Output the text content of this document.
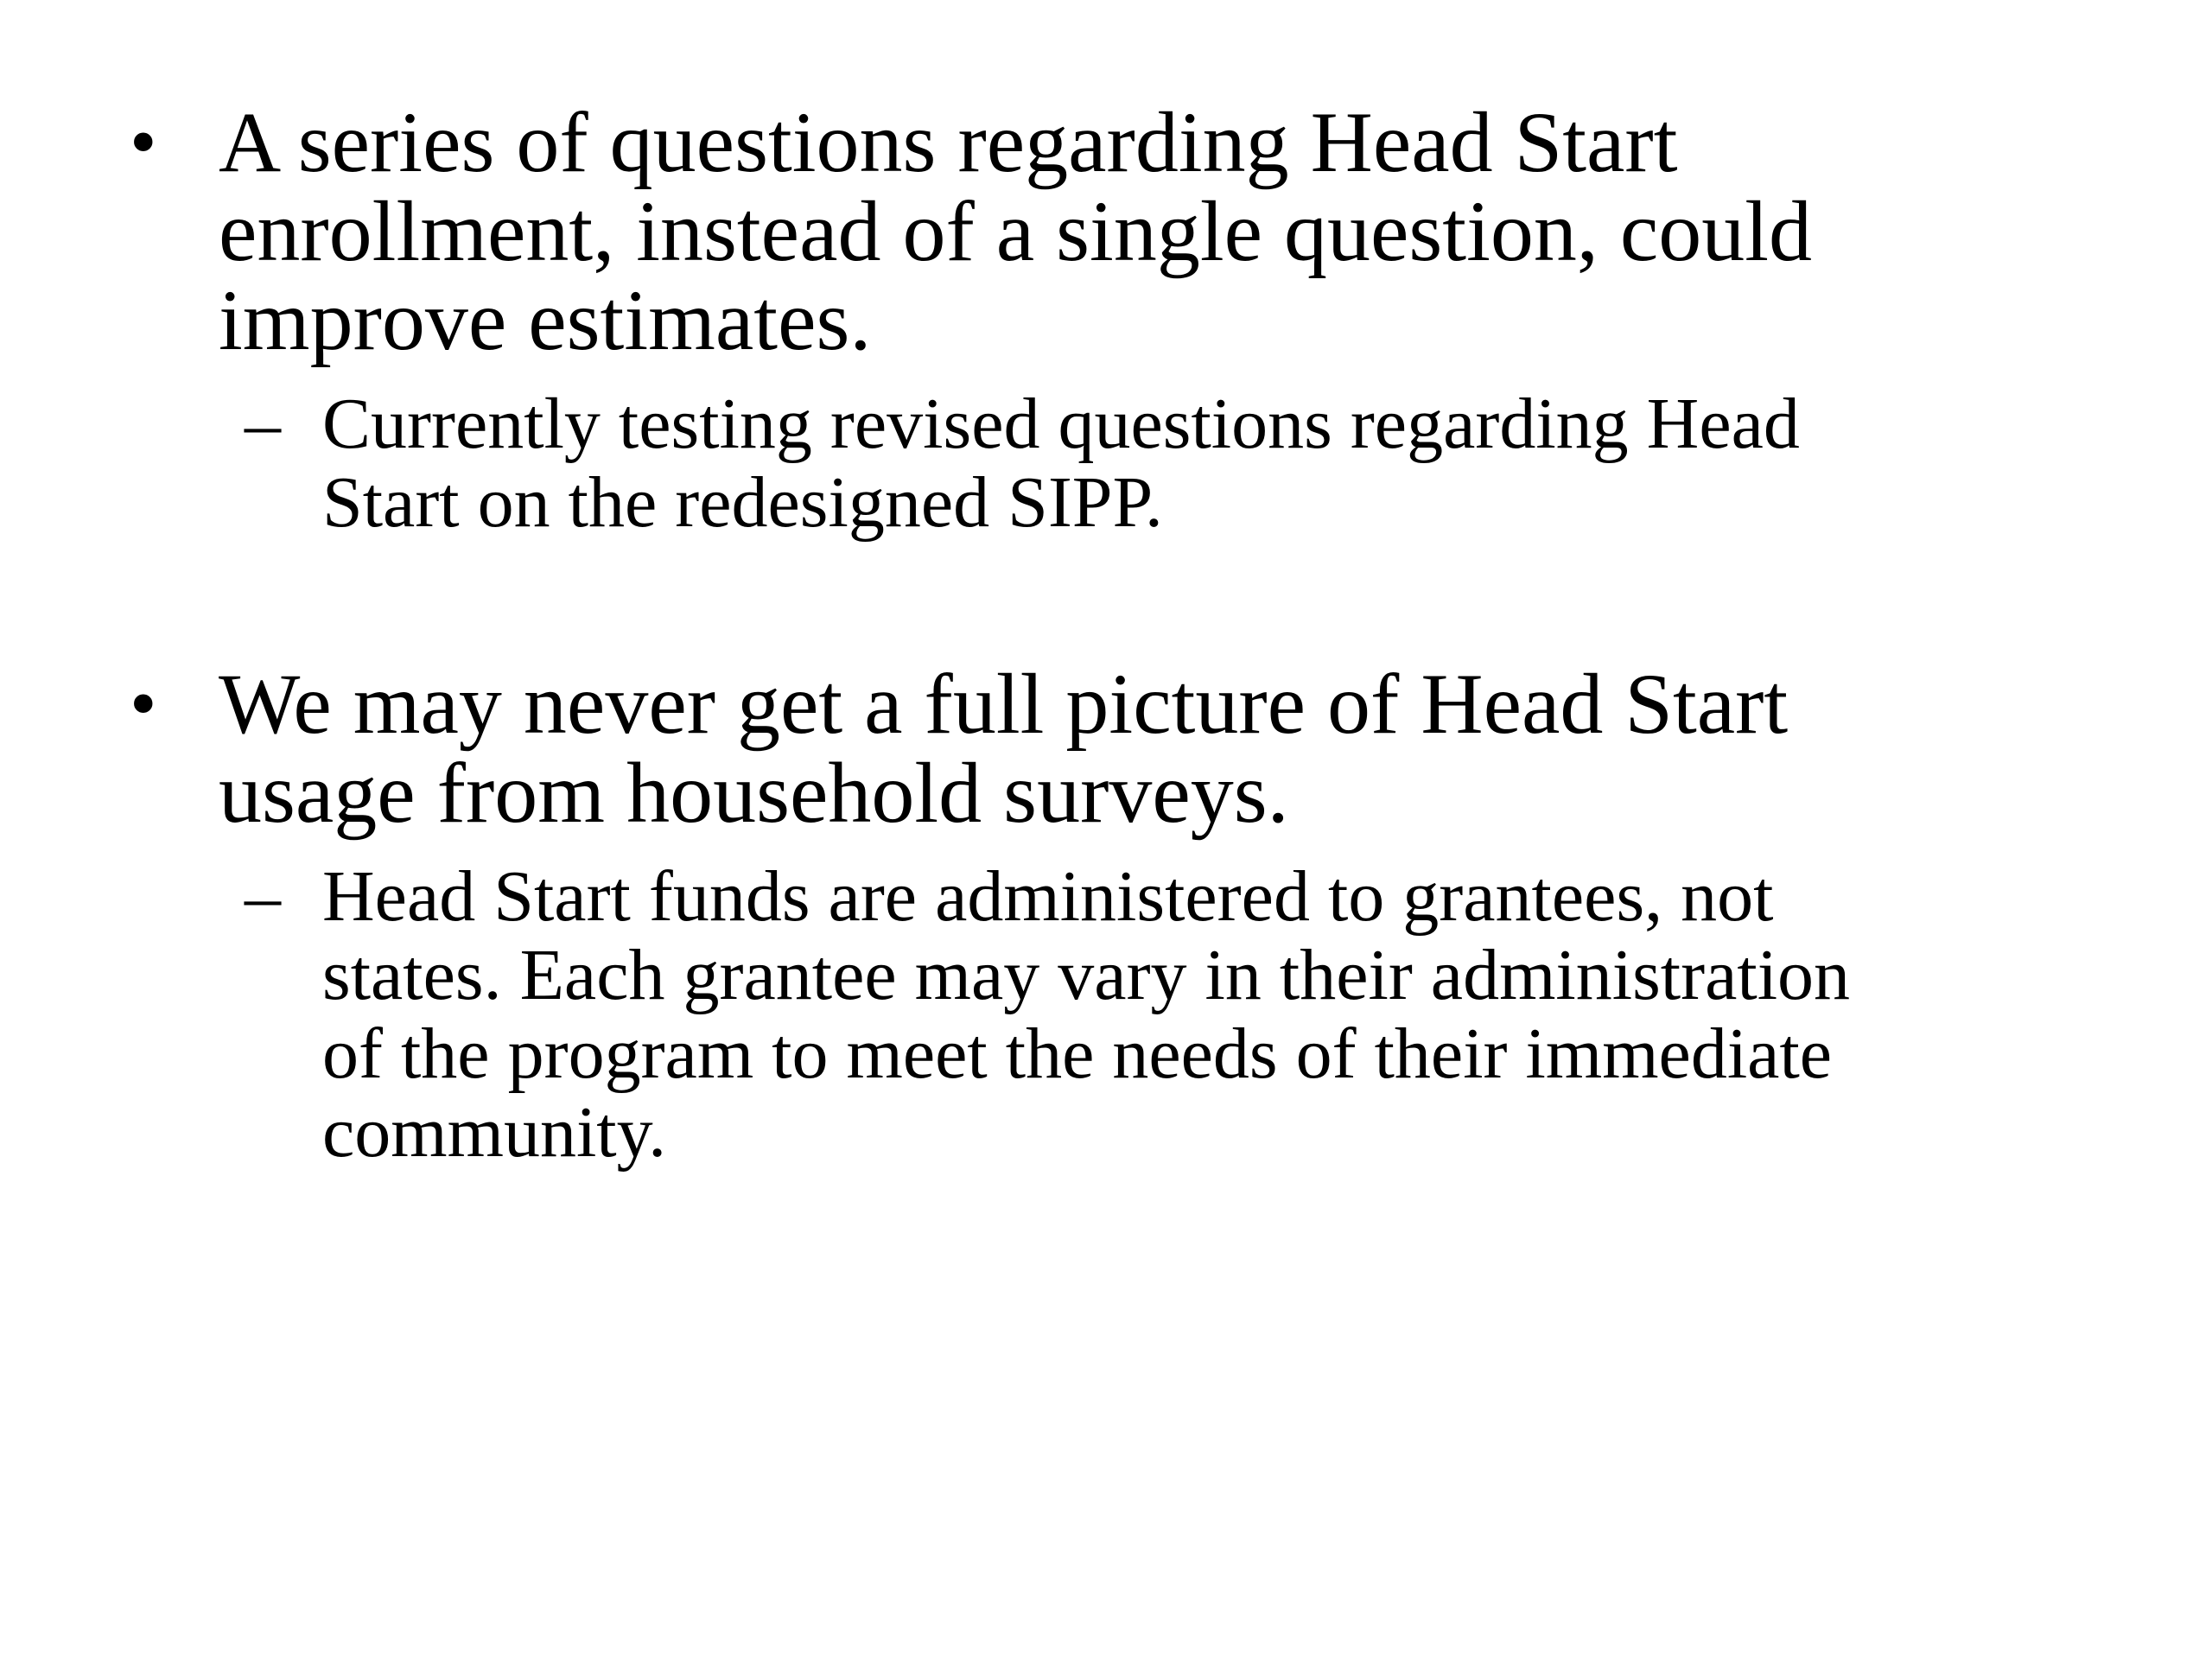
• A series of questions regarding Head Start
enrollment, instead of a single question, could
improve estimates.
– Currently testing revised questions regarding Head
Start on the redesigned SIPP.
• We may never get a full picture of Head Start
usage from household surveys.
– Head Start funds are administered to grantees, not
states. Each grantee may vary in their administration
of the program to meet the needs of their immediate
community.
